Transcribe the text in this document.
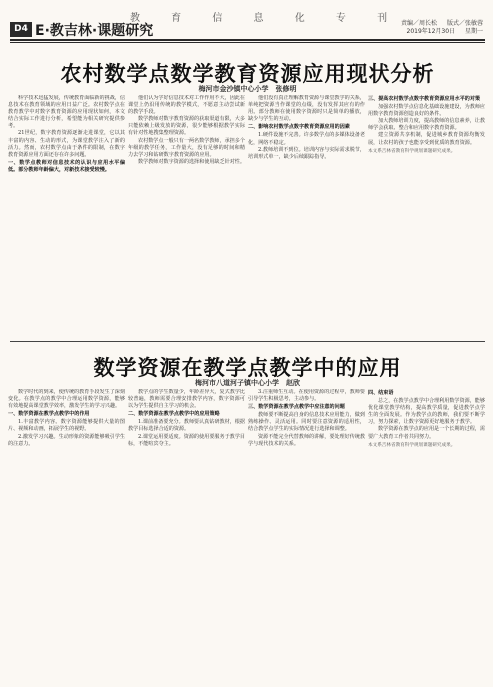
教 育 信 息 化 专 刊
D4 E·教吉林·课题研究	责编／周长松 版式／张敏蓉
2019年12月30日 星期一
农村数学点数学教育资源应用现状分析
梅河市金沙镇中心小学　张修明

科学技术迅猛发展，传统教育面临新的挑战，信息技术在教育领域的应用日益广泛。农村数学点在教育教学中对数字教育资源的应用现状如何，本文结合实际工作进行分析，希望能为相关研究提供参考。

21世纪，数字教育资源逐渐走进课堂，它以其丰富的内容、生动的形式，为课堂教学注入了新的活力。然而，农村数学点由于条件的限制，在数字教育资源应用方面还存在许多问题。

一、数学点教师对信息技术的认识与应用水平偏低。部分教师年龄偏大，对新技术接受较慢。

他们认为学好信息技术对工作作用不大，因此在课堂上仍沿用传统的教学模式，不愿意主动尝试新的教学手段。

数学教师对数字教育资源的获取渠道有限，大多只能依赖上级发放的资源，很少能够根据教学实际有针对性地搜集整理资源。

农村数学点一般只有一两名数学教师，承担多个年级的教学任务，工作量大，没有足够的时间和精力去学习和钻研数字教育资源的应用。

数学教师对数字资源的选择和使用缺乏针对性。

他们没有真正理解教育资源与课堂教学的关系，单纯把资源当作课堂的点缀，没有发挥其应有的作用。部分教师在使用数字资源时只是简单的播放，缺少与学生的互动。

二、影响农村数学点数字教育资源应用的因素

1.硬件设施不完善。许多数学点的多媒体设备老化，网络不稳定。

2.教师培训不到位。培训内容与实际需求脱节，培训形式单一，缺少后续跟踪指导。

三、提高农村数学点数字教育资源应用水平的对策

加强农村数学点信息化基础设施建设，为教师应用数字教育资源创造良好的条件。

加大教师培训力度，提高教师的信息素养，让教师学会获取、整合和应用数字教育资源。

建立资源共享机制，促进城乡教育资源均衡发展，让农村的孩子也能享受到优质的教育资源。

本文系吉林省教育科学规划课题研究成果。

数学资源在教学点教学中的应用
梅河市八道河子镇中心小学　赵欣

数学时代的到来，使传统的教育手段发生了深刻变化。在教学点的教学中合理运用数学资源，能够有效地提高课堂教学效率，激发学生的学习兴趣。

一、数学资源在教学点教学中的作用

1.丰富教学内容。数字资源能够提供大量的图片、视频和动画，拓展学生的视野。

2.激发学习兴趣。生动形象的资源能够吸引学生的注意力。

教学点的学生数量少，年龄差异大，复式教学比较普遍，教师需要合理安排教学内容，数字资源可以为学生提供自主学习的机会。

二、数学资源在教学点教学中的应用策略

1.课前准备要充分。教师要认真钻研教材，根据教学目标选择合适的资源。

2.课堂运用要适度。资源的使用要服务于教学目标，不能喧宾夺主。

3.注重师生互动。在使用资源的过程中，教师要引导学生积极思考，主动参与。

三、数学资源在教学点教学中应注意的问题

教师要不断提高自身的信息技术应用能力，做到熟练操作、灵活运用。同时要注意资源的适用性，结合教学点学生的实际情况进行选择和调整。

资源不能完全代替教师的讲解，要处理好传统教学与现代技术的关系。

四、结束语

总之，在教学点教学中合理利用数学资源，能够优化课堂教学结构，提高教学质量，促进教学点学生的全面发展。作为教学点的教师，我们要不断学习，努力探索，让数字资源更好地服务于教学。

数学资源在教学点的应用是一个长期的过程，需要广大教育工作者共同努力。

本文系吉林省教育科学规划课题研究成果。
